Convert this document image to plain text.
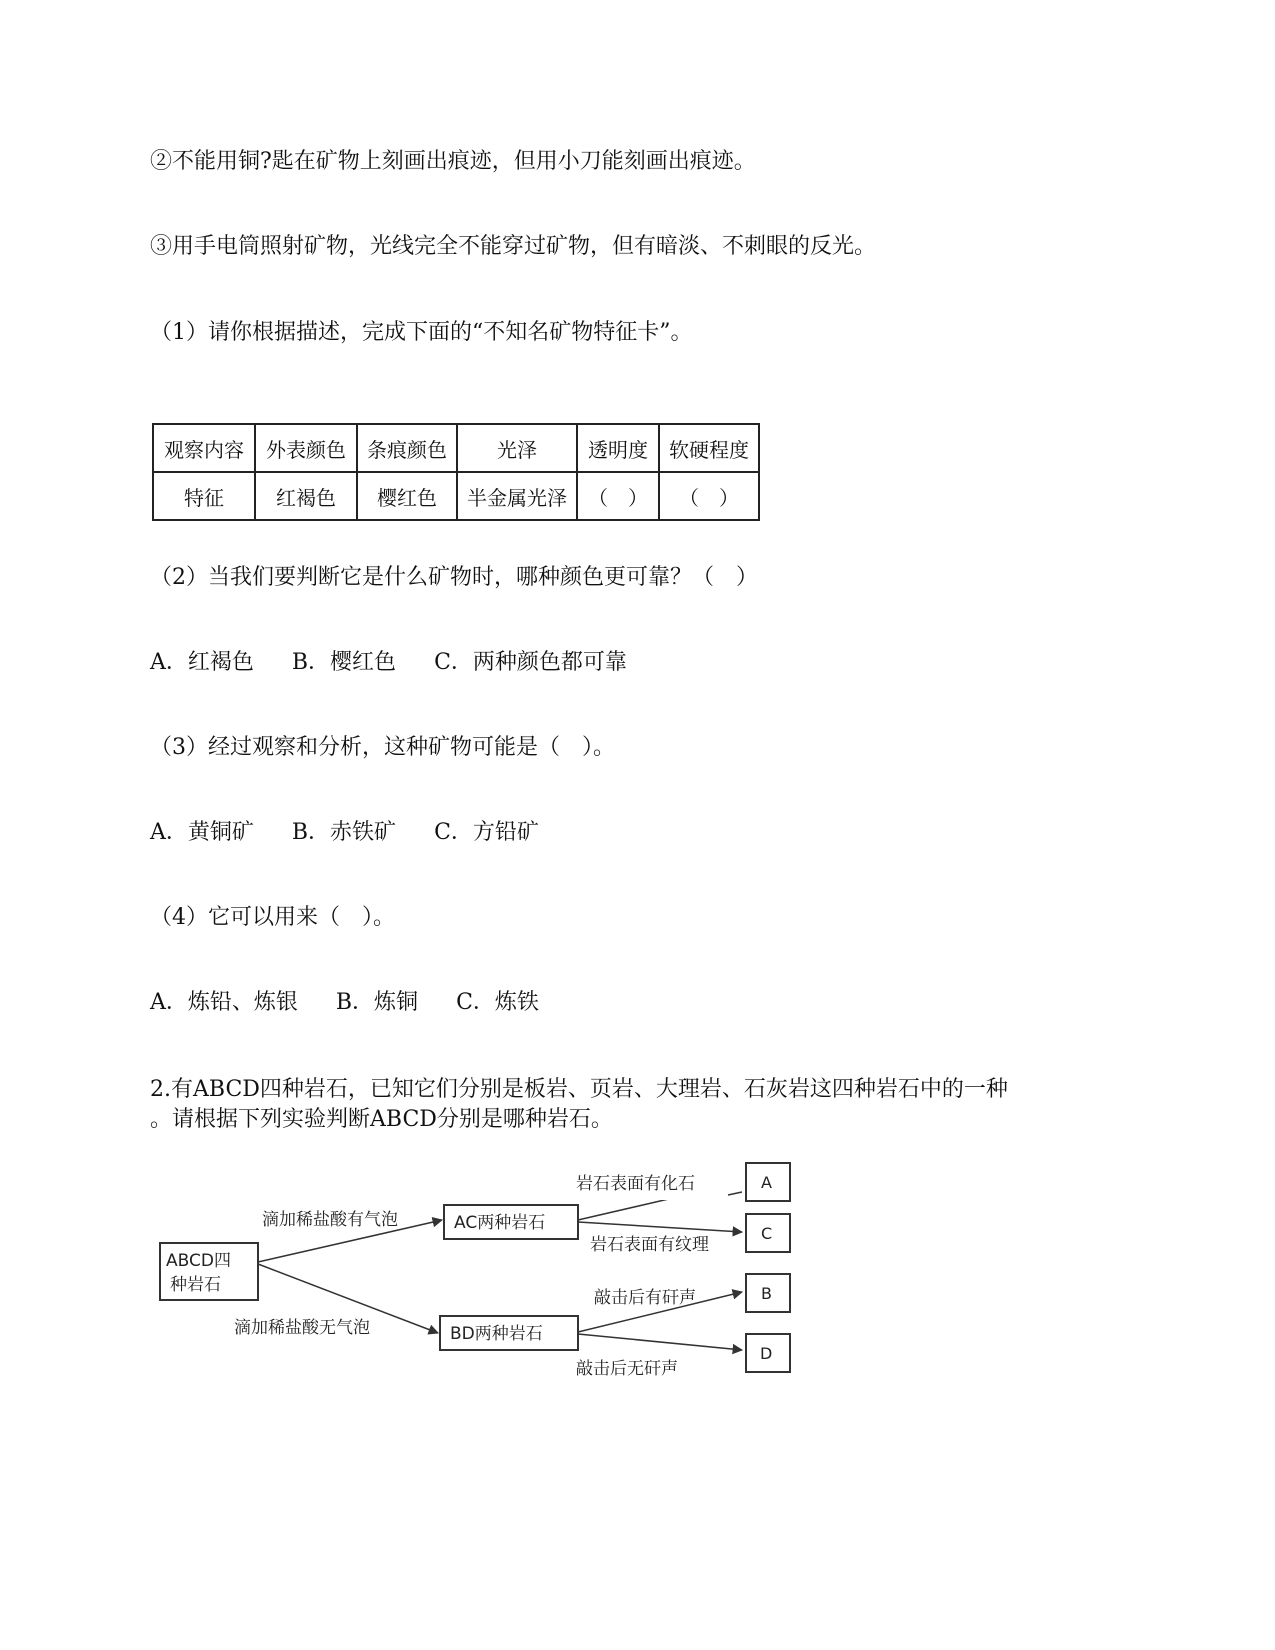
②不能用铜?匙在矿物上刻画出痕迹，但用小刀能刻画出痕迹。
③用手电筒照射矿物，光线完全不能穿过矿物，但有暗淡、不刺眼的反光。
（1）请你根据描述，完成下面的“不知名矿物特征卡”。
观察内容	外表颜色	条痕颜色	光泽	透明度	软硬程度
特征	红褐色	樱红色	半金属光泽	（　）	（　）
（2）当我们要判断它是什么矿物时，哪种颜色更可靠？（　）
A．红褐色 B．樱红色 C．两种颜色都可靠
（3）经过观察和分析，这种矿物可能是（　）。
A．黄铜矿 B．赤铁矿 C．方铅矿
（4）它可以用来（　）。
A．炼铅、炼银 B．炼铜 C．炼铁
2.有ABCD四种岩石，已知它们分别是板岩、页岩、大理岩、石灰岩这四种岩石中的一种
。请根据下列实验判断ABCD分别是哪种岩石。
ABCD四
种岩石
滴加稀盐酸有气泡
滴加稀盐酸无气泡
AC两种岩石
BD两种岩石
岩石表面有纹理
C
敲击后有矸声
敲击后无矸声
B
D
A
岩石表面有化石
